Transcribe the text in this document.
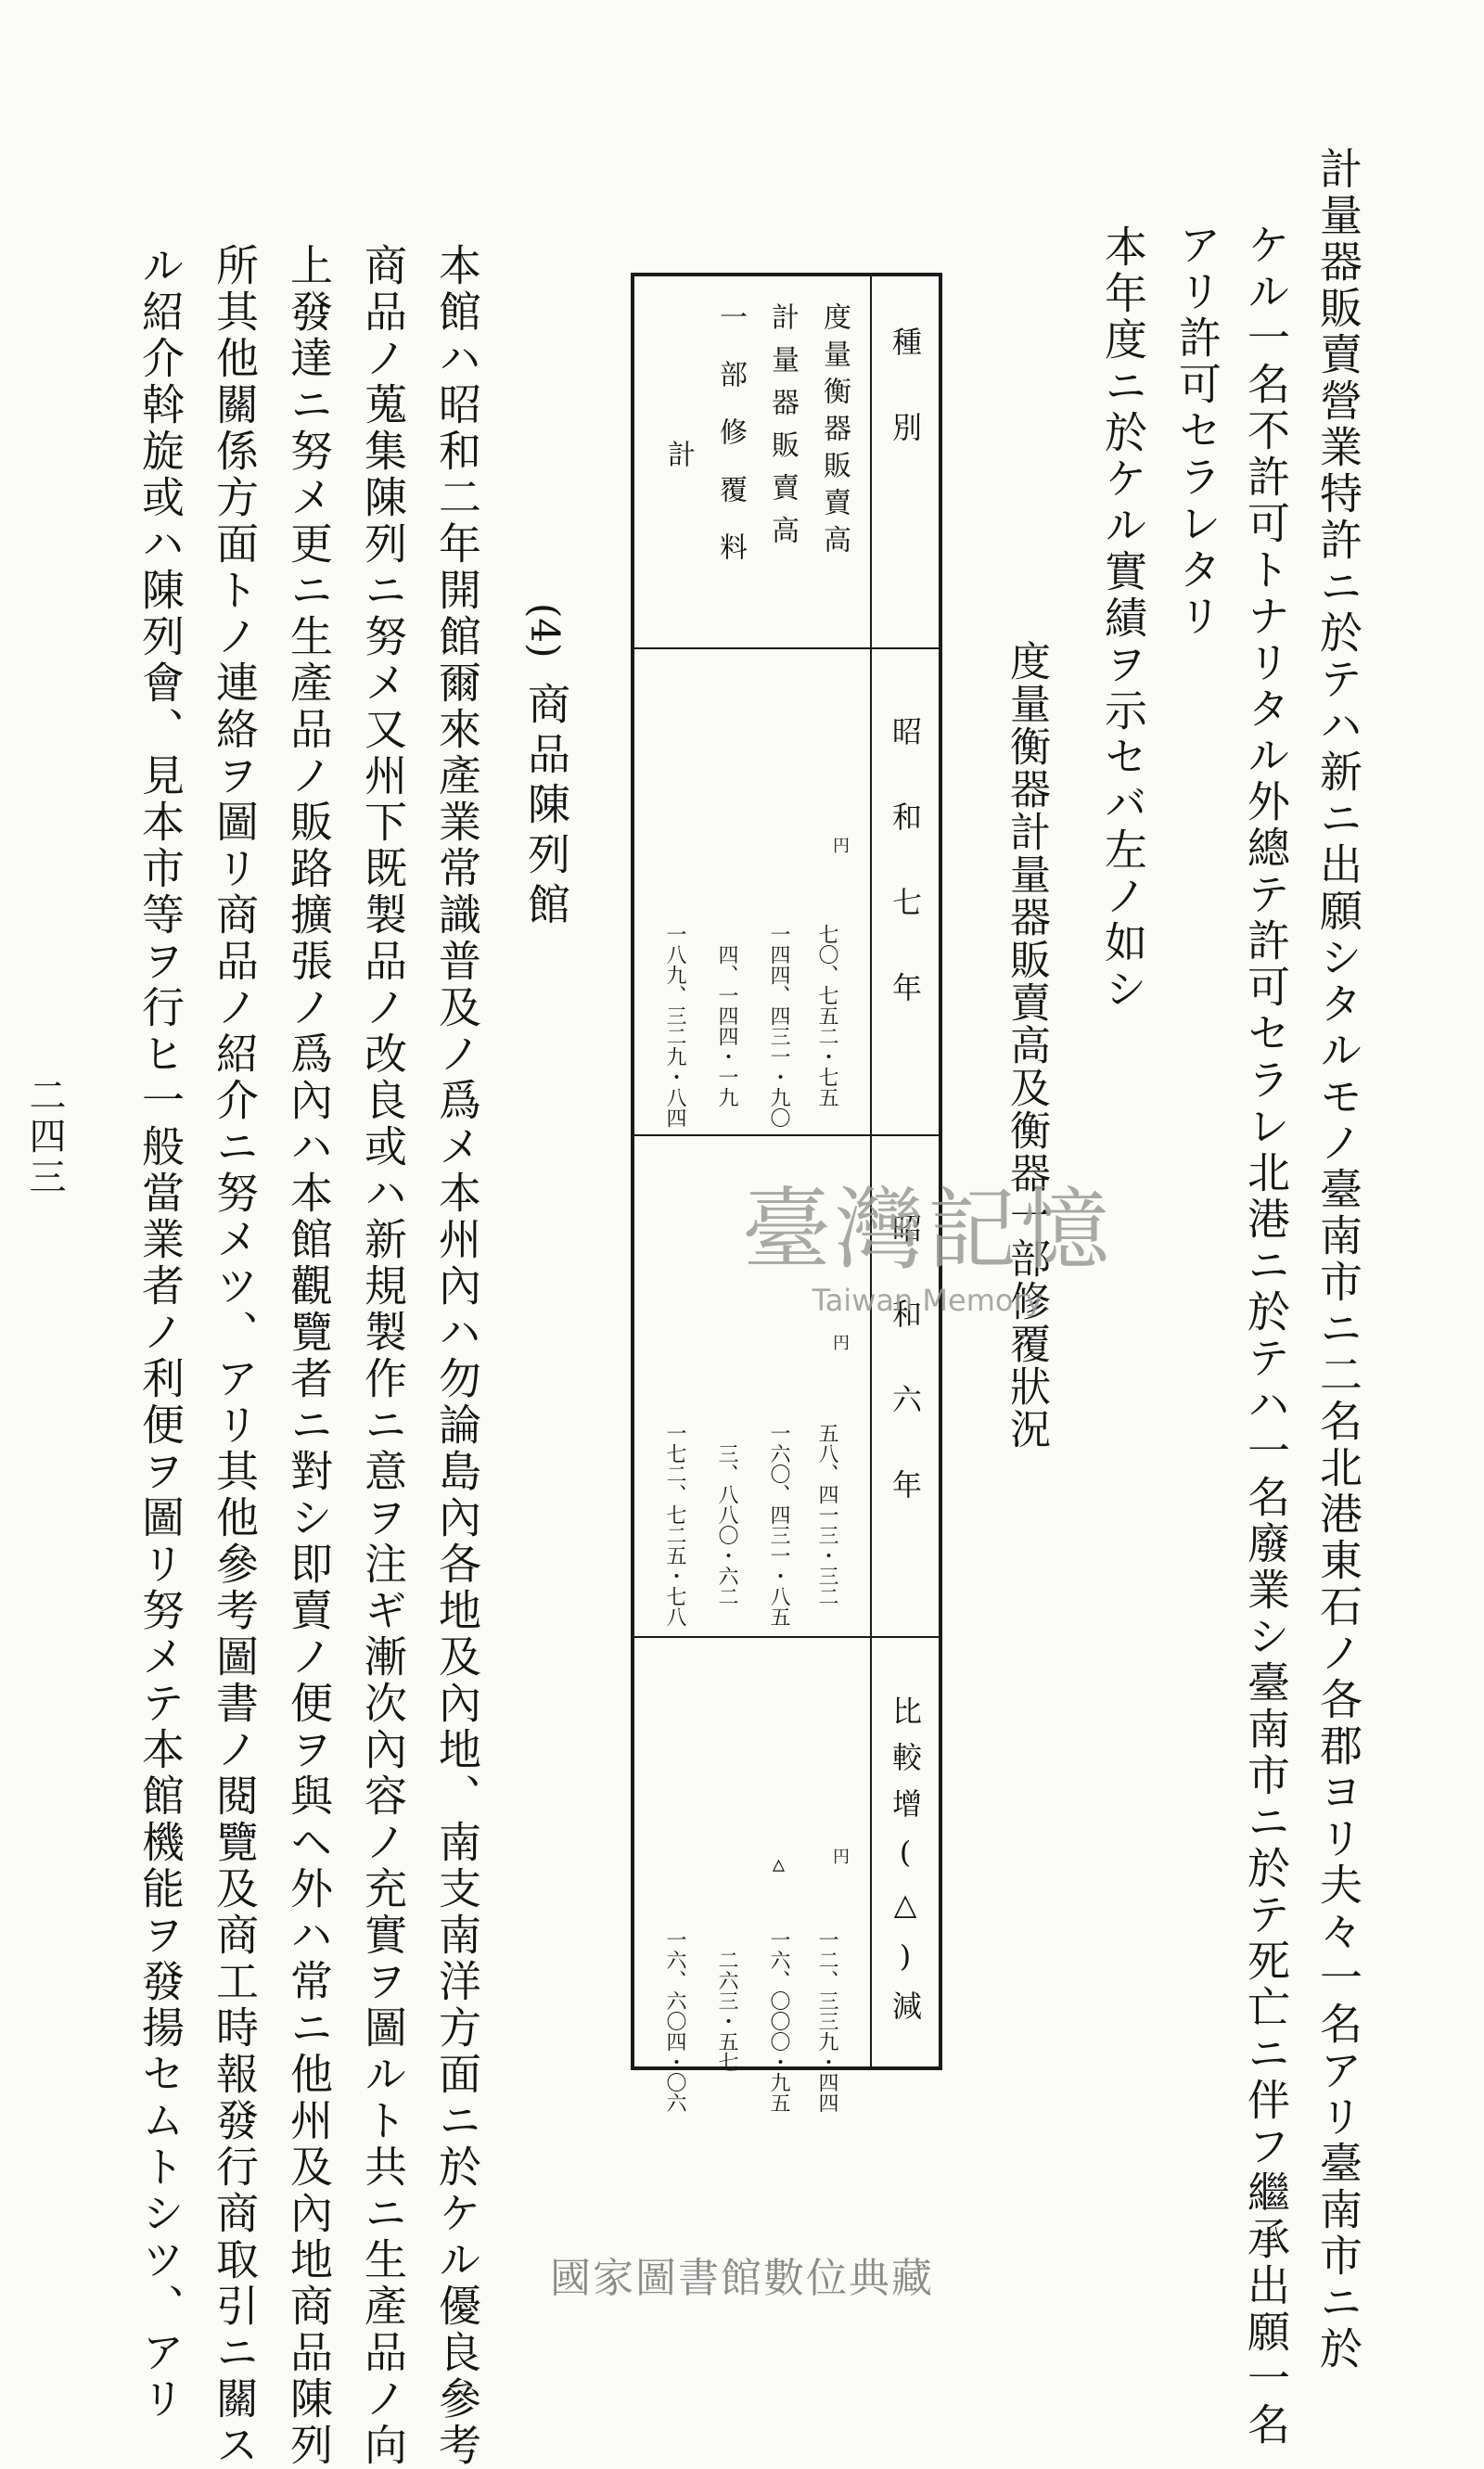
二四三	計量器販賣營業特許ニ於テハ新ニ出願シタルモノ臺南市ニ二名北港東石ノ各郡ヨリ夫々一名アリ臺南市ニ於
ケル一名不許可トナリタル外總テ許可セラレ北港ニ於テハ一名廢業シ臺南市ニ於テ死亡ニ伴フ繼承出願一名
アリ許可セラレタリ
本年度ニ於ケル實績ヲ示セバ左ノ如シ
度量衡器計量器販賣高及衡器一部修覆狀況
種別
昭和七年
昭和六年
比較增(△)減
度量衡器販賣高
計量器販賣高
一部修覆料
計
円
円
円
七〇、七五二・七五
一四四、四三一・九〇
四、一四四・一九
一八九、三二九・八四
五八、四一三・三二
一六〇、四三一・八五
三、八八〇・六二
一七二、七二五・七八
一二、三三九・四四
△
一六、〇〇〇・九五
二六三・五七
一六、六〇四・〇六
(4)
商品陳列館
本館ハ昭和二年開館爾來產業常識普及ノ爲メ本州內ハ勿論島內各地及內地、南支南洋方面ニ於ケル優良參考
商品ノ蒐集陳列ニ努メ又州下既製品ノ改良或ハ新規製作ニ意ヲ注ギ漸次內容ノ充實ヲ圖ルト共ニ生產品ノ向
上發達ニ努メ更ニ生產品ノ販路擴張ノ爲內ハ本館觀覽者ニ對シ即賣ノ便ヲ與ヘ外ハ常ニ他州及內地商品陳列
所其他關係方面トノ連絡ヲ圖リ商品ノ紹介ニ努メツ、アリ其他參考圖書ノ閱覽及商工時報發行商取引ニ關ス
ル紹介斡旋或ハ陳列會、見本市等ヲ行ヒ一般當業者ノ利便ヲ圖リ努メテ本館機能ヲ發揚セムトシツ、アリ	臺灣記憶
Taiwan Memory
國家圖書館數位典藏
